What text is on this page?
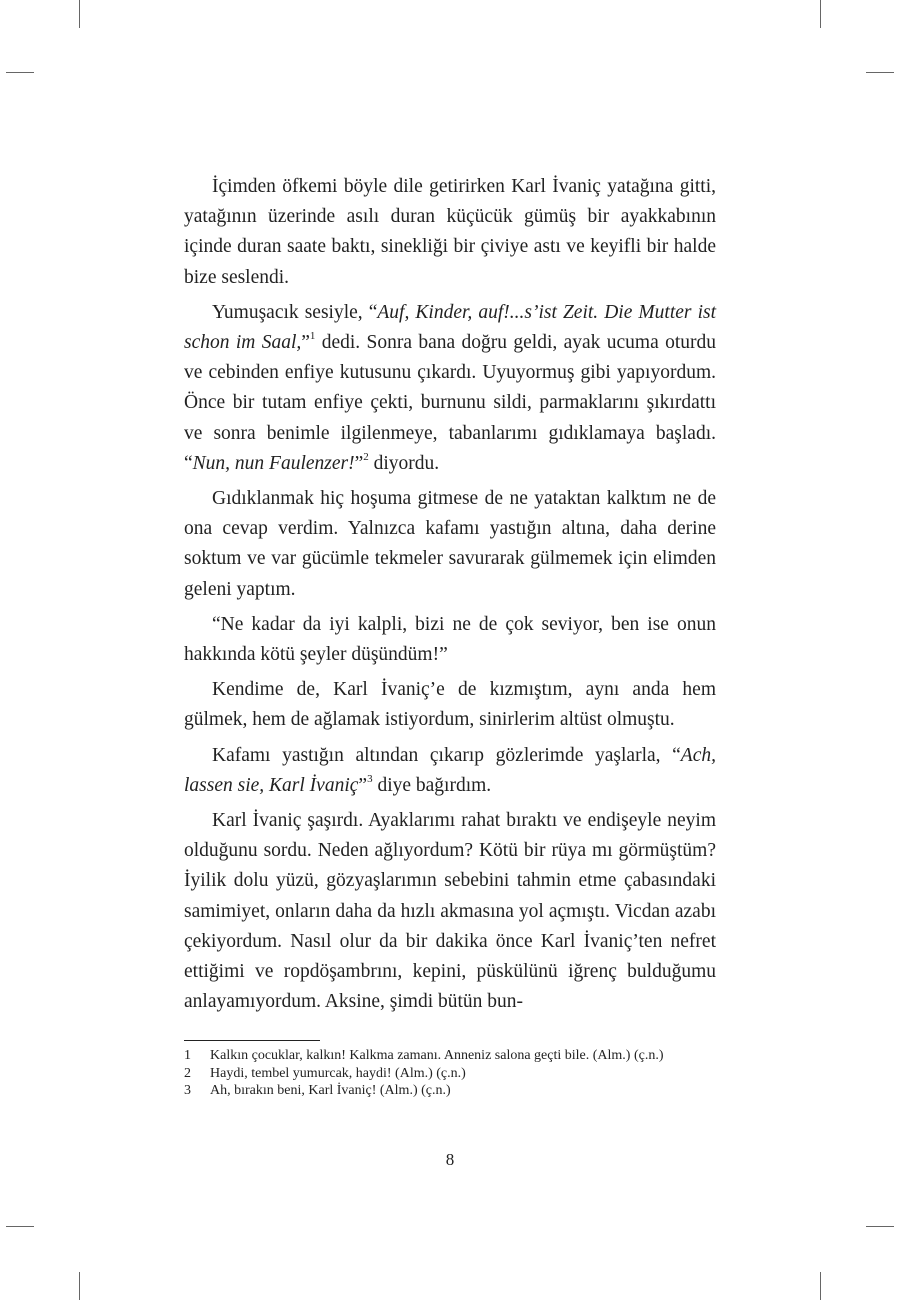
İçimden öfkemi böyle dile getirirken Karl İvaniç yatağına gitti, yatağının üzerinde asılı duran küçücük gümüş bir ayakkabının içinde duran saate baktı, sinekliği bir çiviye astı ve keyifli bir halde bize seslendi.

Yumuşacık sesiyle, “Auf, Kinder, auf!...s’ist Zeit. Die Mutter ist schon im Saal,”$^1$ dedi. Sonra bana doğru geldi, ayak ucuma oturdu ve cebinden enfiye kutusunu çıkardı. Uyuyormuş gibi yapıyordum. Önce bir tutam enfiye çekti, burnunu sildi, parmaklarını şıkırdattı ve sonra benimle ilgilenmeye, tabanlarımı gıdıklamaya başladı. “Nun, nun Faulenzer!”$^2$ diyordu.

Gıdıklanmak hiç hoşuma gitmese de ne yataktan kalktım ne de ona cevap verdim. Yalnızca kafamı yastığın altına, daha derine soktum ve var gücümle tekmeler savurarak gülmemek için elimden geleni yaptım.

“Ne kadar da iyi kalpli, bizi ne de çok seviyor, ben ise onun hakkında kötü şeyler düşündüm!”

Kendime de, Karl İvaniç’e de kızmıştım, aynı anda hem gülmek, hem de ağlamak istiyordum, sinirlerim altüst olmuştu.

Kafamı yastığın altından çıkarıp gözlerimde yaşlarla, “Ach, lassen sie, Karl İvaniç”$^3$ diye bağırdım.

Karl İvaniç şaşırdı. Ayaklarımı rahat bıraktı ve endişeyle neyim olduğunu sordu. Neden ağlıyordum? Kötü bir rüya mı görmüştüm? İyilik dolu yüzü, gözyaşlarımın sebebini tahmin etme çabasındaki samimiyet, onların daha da hızlı akmasına yol açmıştı. Vicdan azabı çekiyordum. Nasıl olur da bir dakika önce Karl İvaniç’ten nefret ettiğimi ve ropdöşambrını, kepini, püskülünü iğrenç bulduğumu anlayamıyordum. Aksine, şimdi bütün bun-

1	Kalkın çocuklar, kalkın! Kalkma zamanı. Anneniz salona geçti bile. (Alm.) (ç.n.)
2	Haydi, tembel yumurcak, haydi! (Alm.) (ç.n.)
3	Ah, bırakın beni, Karl İvaniç! (Alm.) (ç.n.)
8
